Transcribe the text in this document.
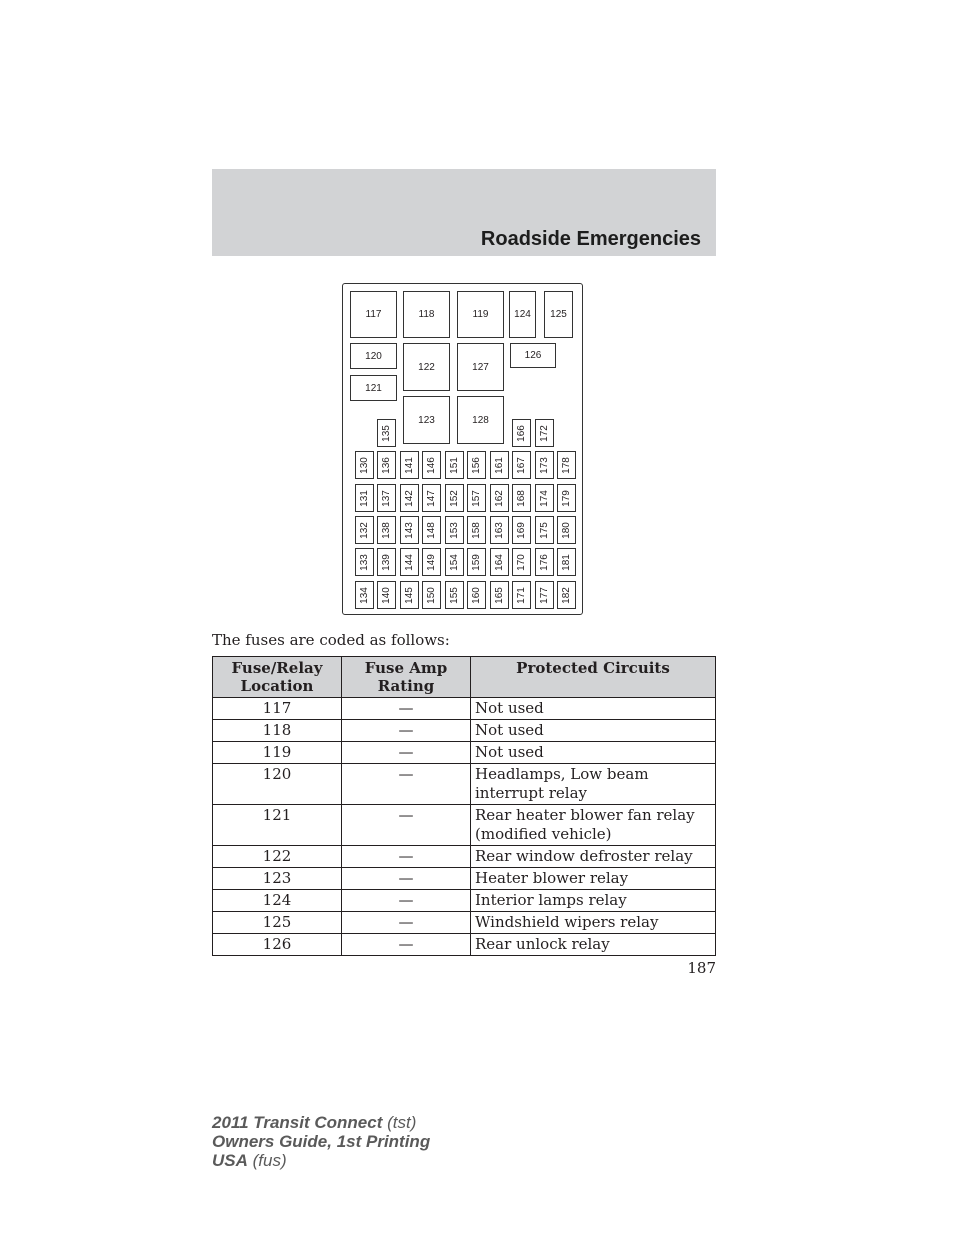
Roadside Emergencies
117	118	119	124	125
120
121
122	127
126
123	128
135	166 172
130 136 141 146 151 156 161 167 173 178
131 137 142 147 152 157 162 168 174 179
132 138 143 148 153 158 163 169 175 180
133 139 144 149 154 159 164 170 176 181
134 140 145 150 155 160 165 171 177 182
The fuses are coded as follows:
Fuse/Relay Location	Fuse Amp Rating	Protected Circuits
117	—	Not used
118	—	Not used
119	—	Not used
120	—	Headlamps, Low beam interrupt relay
121	—	Rear heater blower fan relay (modified vehicle)
122	—	Rear window defroster relay
123	—	Heater blower relay
124	—	Interior lamps relay
125	—	Windshield wipers relay
126	—	Rear unlock relay
187
2011 Transit Connect (tst)
Owners Guide, 1st Printing
USA (fus)
